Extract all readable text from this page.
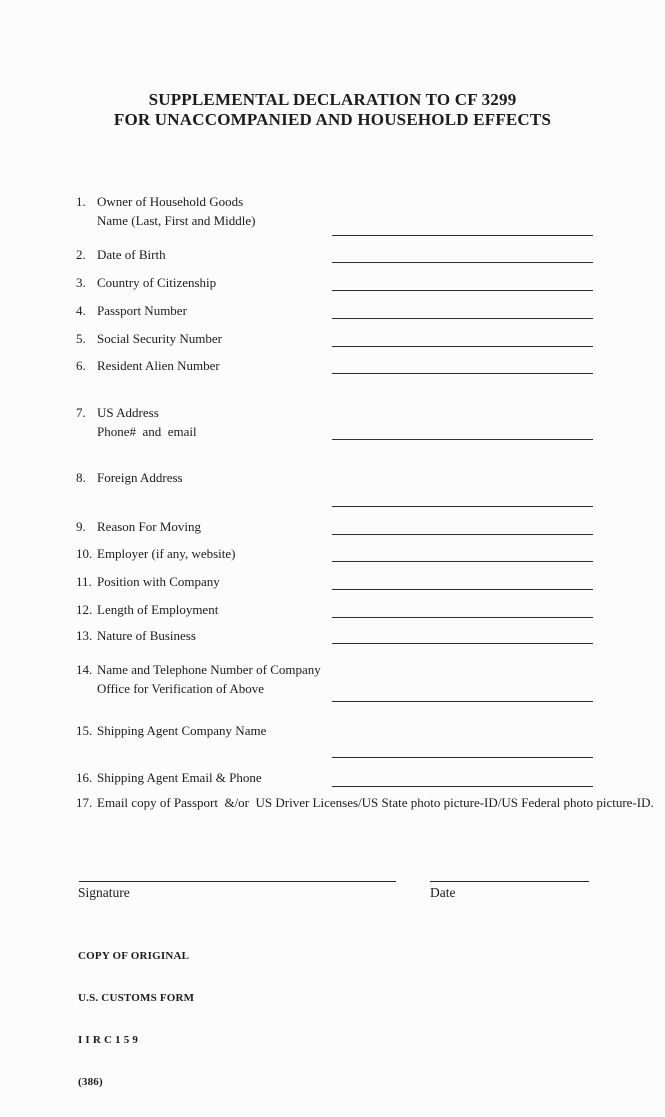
SUPPLEMENTAL DECLARATION TO CF 3299
FOR UNACCOMPANIED AND HOUSEHOLD EFFECTS
1. Owner of Household Goods
Name (Last, First and Middle)
2. Date of Birth
3. Country of Citizenship
4. Passport Number
5. Social Security Number
6. Resident Alien Number
7. US Address
Phone#  and  email
8. Foreign Address
9. Reason For Moving
10. Employer (if any, website)
11. Position with Company
12. Length of Employment
13. Nature of Business
14. Name and Telephone Number of Company
Office for Verification of Above
15. Shipping Agent Company Name
16. Shipping Agent Email & Phone
17. Email copy of Passport  &/or  US Driver Licenses/US State photo picture-ID/US Federal photo picture-ID.
Signature	Date

COPY OF ORIGINAL

U.S. CUSTOMS FORM

I I R C 1 5 9

(386)
